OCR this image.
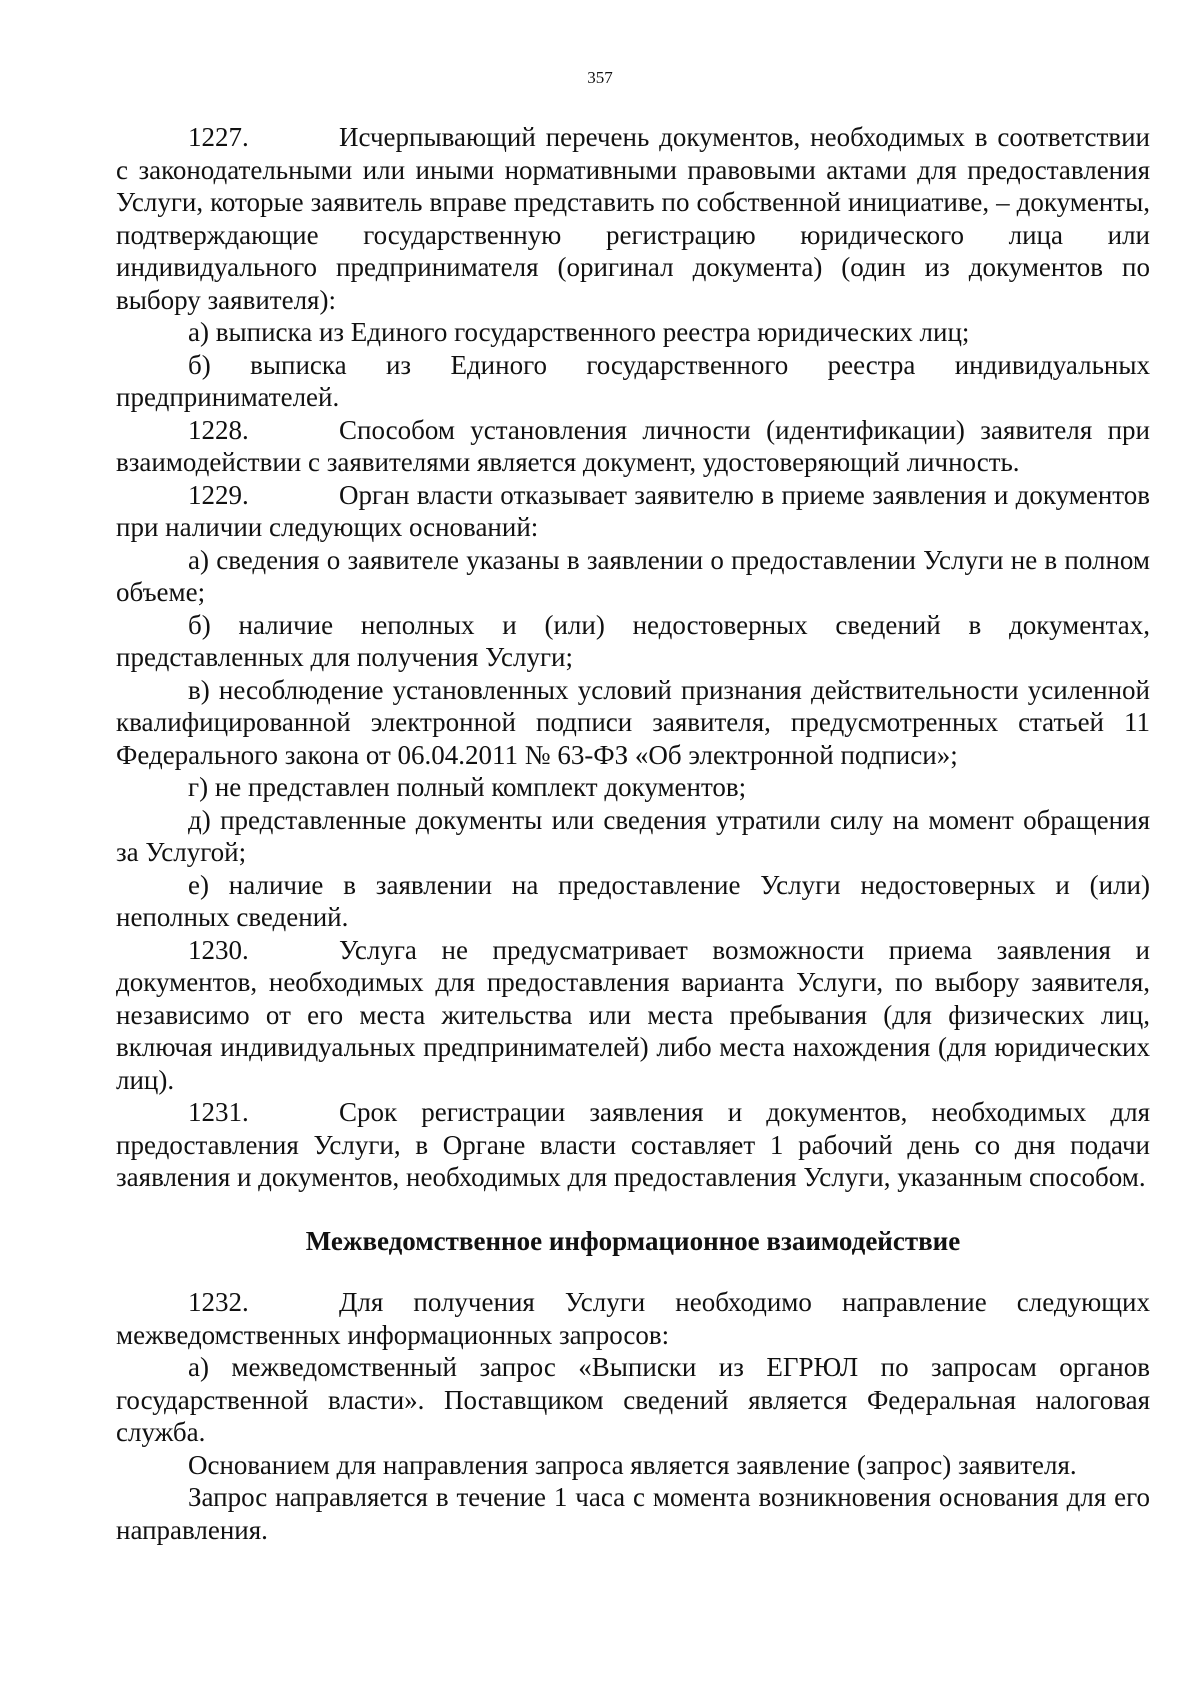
357

1227.	Исчерпывающий перечень документов, необходимых в соответствии с законодательными или иными нормативными правовыми актами для предоставления Услуги, которые заявитель вправе представить по собственной инициативе, – документы, подтверждающие государственную регистрацию юридического лица или индивидуального предпринимателя (оригинал документа) (один из документов по выбору заявителя):

а) выписка из Единого государственного реестра юридических лиц;

б) выписка из Единого государственного реестра индивидуальных предпринимателей.

1228.	Способом установления личности (идентификации) заявителя при взаимодействии с заявителями является документ, удостоверяющий личность.

1229.	Орган власти отказывает заявителю в приеме заявления и документов при наличии следующих оснований:

а) сведения о заявителе указаны в заявлении о предоставлении Услуги не в полном объеме;

б) наличие неполных и (или) недостоверных сведений в документах, представленных для получения Услуги;

в) несоблюдение установленных условий признания действительности усиленной квалифицированной электронной подписи заявителя, предусмотренных статьей 11 Федерального закона от 06.04.2011 № 63-ФЗ «Об электронной подписи»;

г) не представлен полный комплект документов;

д) представленные документы или сведения утратили силу на момент обращения за Услугой;

е) наличие в заявлении на предоставление Услуги недостоверных и (или) неполных сведений.

1230.	Услуга не предусматривает возможности приема заявления и документов, необходимых для предоставления варианта Услуги, по выбору заявителя, независимо от его места жительства или места пребывания (для физических лиц, включая индивидуальных предпринимателей) либо места нахождения (для юридических лиц).

1231.	Срок регистрации заявления и документов, необходимых для предоставления Услуги, в Органе власти составляет 1 рабочий день со дня подачи заявления и документов, необходимых для предоставления Услуги, указанным способом.

Межведомственное информационное взаимодействие

1232.	Для получения Услуги необходимо направление следующих межведомственных информационных запросов:

а) межведомственный запрос «Выписки из ЕГРЮЛ по запросам органов государственной власти». Поставщиком сведений является Федеральная налоговая служба.

Основанием для направления запроса является заявление (запрос) заявителя.

Запрос направляется в течение 1 часа с момента возникновения основания для его направления.
